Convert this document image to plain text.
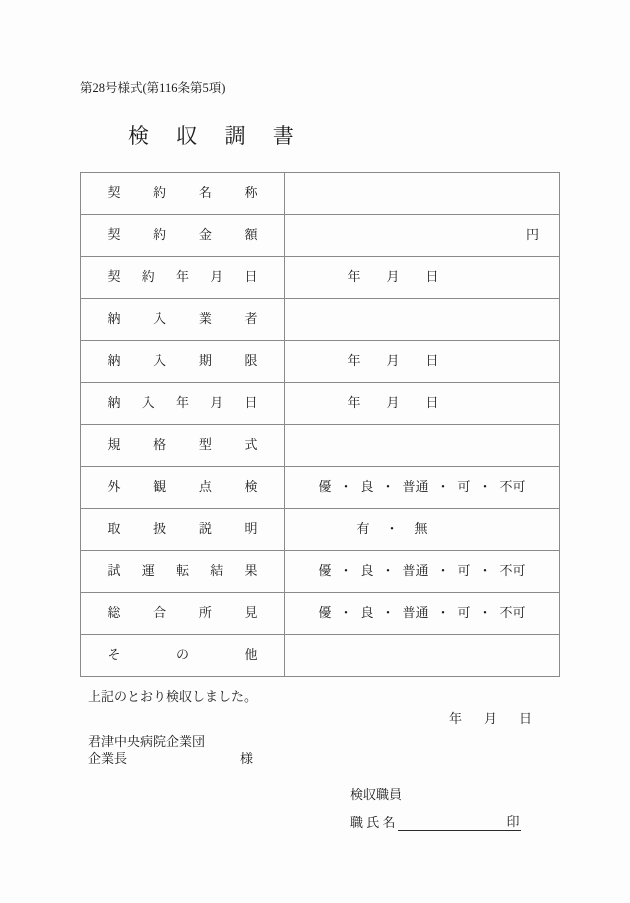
第28号様式(第116条第5項)
検 収 調 書
契約名称	

契約金額	円

契約年月日	年 月 日

納入業者	

納入期限	年 月 日

納入年月日	年 月 日

規格型式	

外観点検	優 ・ 良 ・ 普通 ・ 可 ・ 不可

取扱説明	有 ・ 無

試運転結果	優 ・ 良 ・ 普通 ・ 可 ・ 不可

総合所見	優 ・ 良 ・ 普通 ・ 可 ・ 不可

その他	

上記のとおり検収しました。
年 月 日
君津中央病院企業団
企業長	様
検収職員
職 氏 名	印
